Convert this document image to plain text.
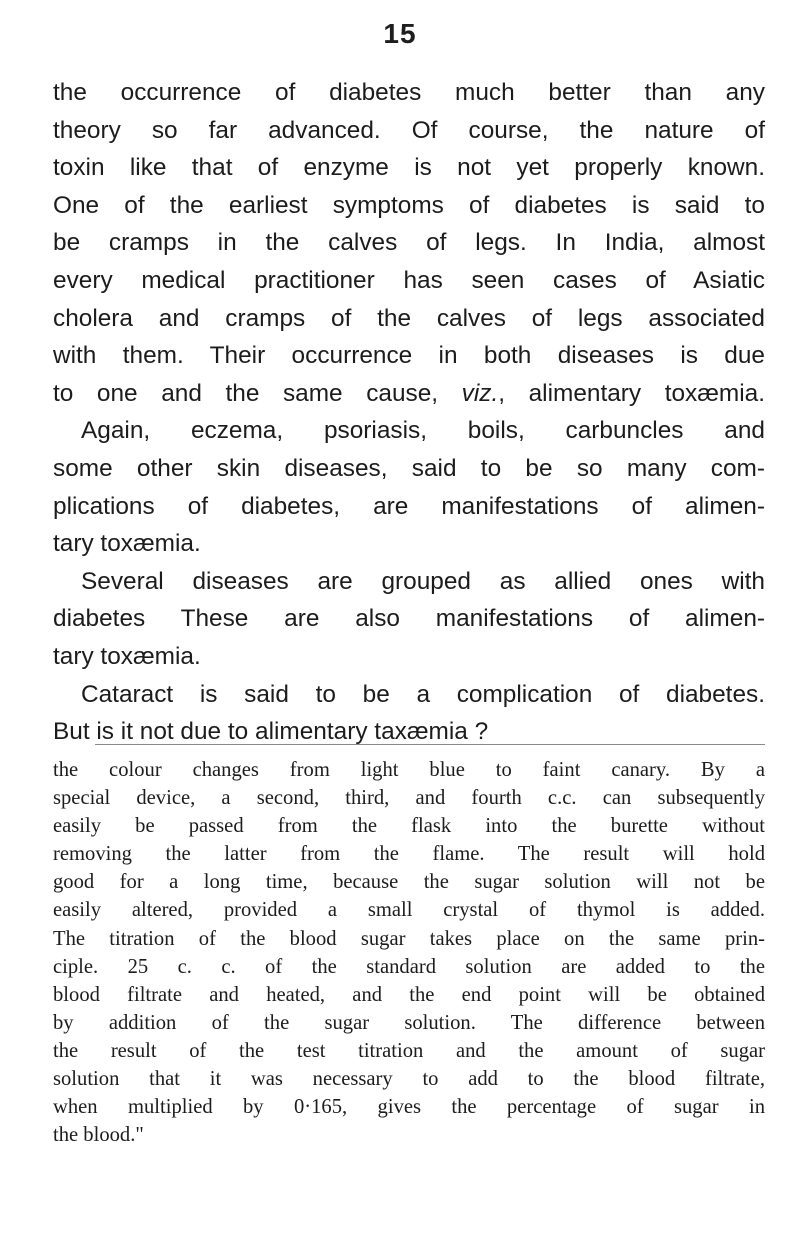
15
the occurrence of diabetes much better than any
theory so far advanced. Of course, the nature of
toxin like that of enzyme is not yet properly known.
One of the earliest symptoms of diabetes is said to
be cramps in the calves of legs. In India, almost
every medical practitioner has seen cases of Asiatic
cholera and cramps of the calves of legs associated
with them. Their occurrence in both diseases is due
to one and the same cause, viz., alimentary toxæmia.
Again, eczema, psoriasis, boils, carbuncles and
some other skin diseases, said to be so many com-
plications of diabetes, are manifestations of alimen-
tary toxæmia.
Several diseases are grouped as allied ones with
diabetes These are also manifestations of alimen-
tary toxæmia.
Cataract is said to be a complication of diabetes.
But is it not due to alimentary taxæmia ?
the colour changes from light blue to faint canary. By a
special device, a second, third, and fourth c.c. can subsequently
easily be passed from the flask into the burette without
removing the latter from the flame. The result will hold
good for a long time, because the sugar solution will not be
easily altered, provided a small crystal of thymol is added.
The titration of the blood sugar takes place on the same prin-
ciple. 25 c. c. of the standard solution are added to the
blood filtrate and heated, and the end point will be obtained
by addition of the sugar solution. The difference between
the result of the test titration and the amount of sugar
solution that it was necessary to add to the blood filtrate,
when multiplied by 0·165, gives the percentage of sugar in
the blood."
